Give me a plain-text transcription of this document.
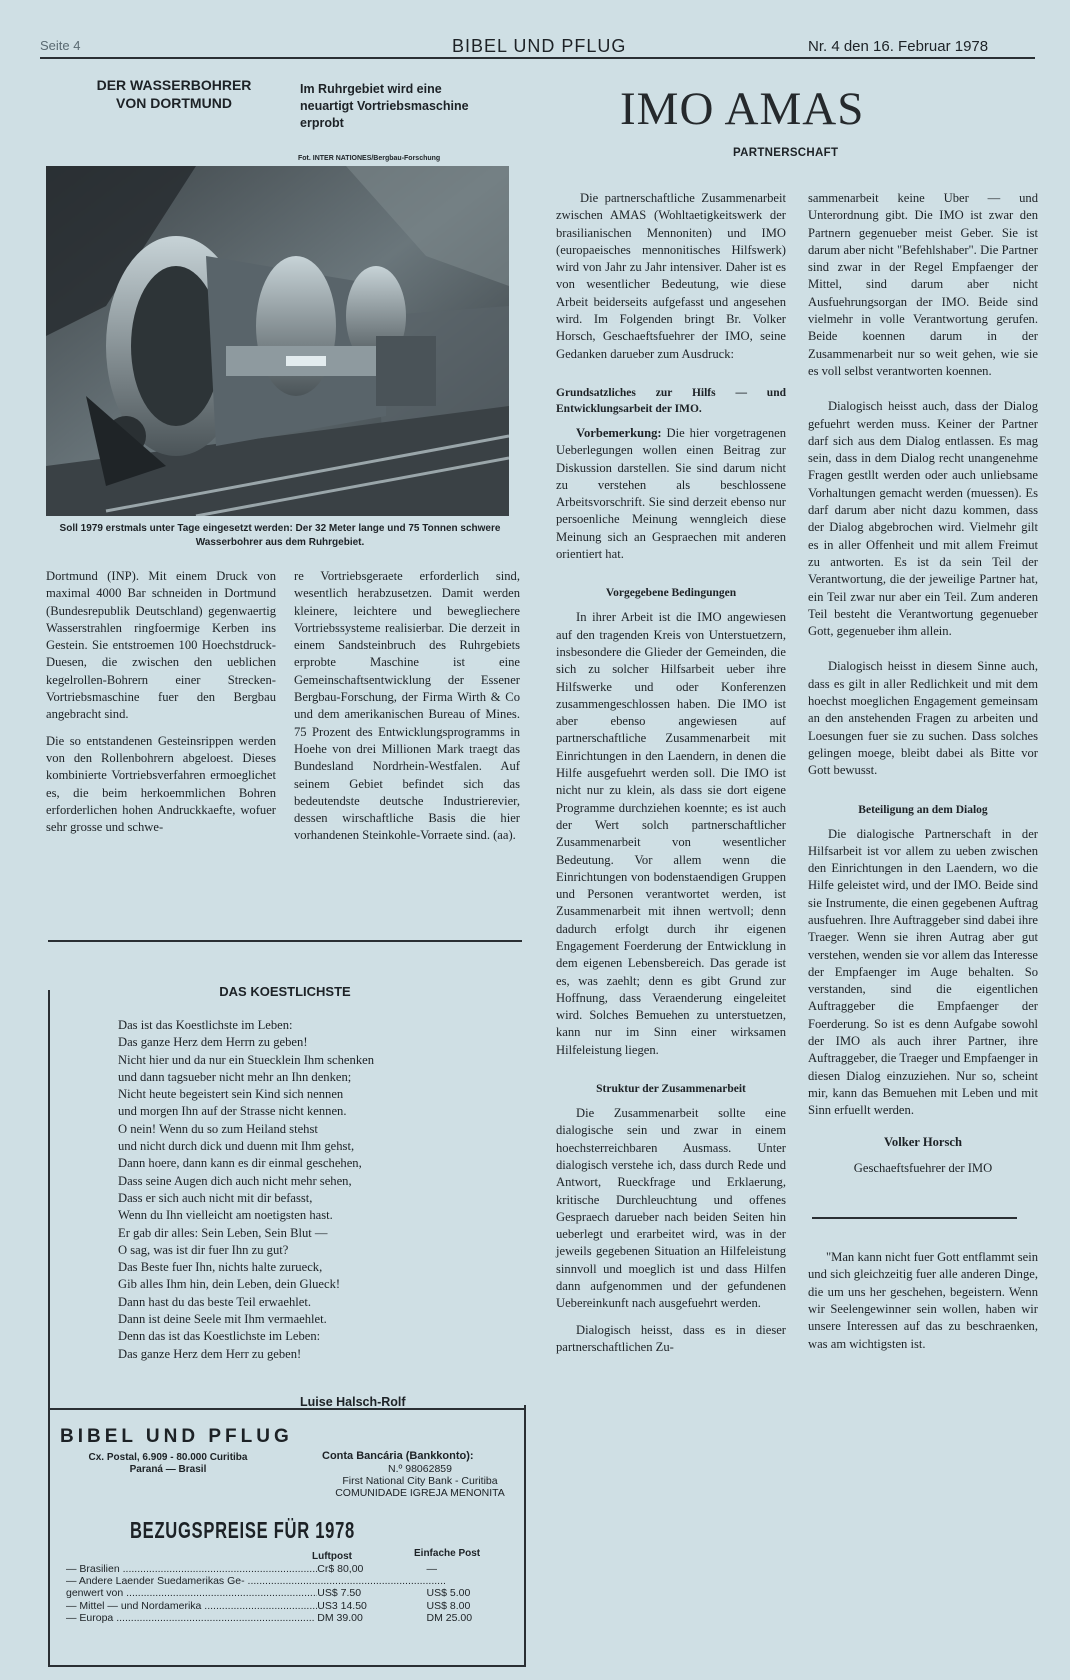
Seite 4	BIBEL UND PFLUG	Nr. 4 den 16. Februar 1978
DER WASSERBOHRER VON DORTMUND
Im Ruhrgebiet wird eine neuartigt Vortriebsmaschine erprobt
Fot. INTER NATIONES/Bergbau-Forschung
Soll 1979 erstmals unter Tage eingesetzt werden: Der 32 Meter lange und 75 Tonnen schwere Wasserbohrer aus dem Ruhrgebiet.

Dortmund (INP). Mit einem Druck von maximal 4000 Bar schneiden in Dortmund (Bundesrepublik Deutschland) gegenwaertig Wasserstrahlen ringfoermige Kerben ins Gestein. Sie entstroemen 100 Hoechstdruck-Duesen, die zwischen den ueblichen kegelrollen-Bohrern einer Strecken-Vortriebsmaschine fuer den Bergbau angebracht sind.

Die so entstandenen Gesteinsrippen werden von den Rollenbohrern abgeloest. Dieses kombinierte Vortriebsverfahren ermoeglichet es, die beim herkoemmlichen Bohren erforderlichen hohen Andruckkaefte, wofuer sehr grosse und schwe-

re Vortriebsgeraete erforderlich sind, wesentlich herabzusetzen. Damit werden kleinere, leichtere und bewegliechere Vortriebssysteme realisierbar. Die derzeit in einem Sandsteinbruch des Ruhrgebiets erprobte Maschine ist eine Gemeinschaftsentwicklung der Essener Bergbau-Forschung, der Firma Wirth & Co und dem amerikanischen Bureau of Mines. 75 Prozent des Entwicklungsprogramms in Hoehe von drei Millionen Mark traegt das Bundesland Nordrhein-Westfalen. Auf seinem Gebiet befindet sich das bedeutendste deutsche Industrierevier, dessen wirschaftliche Basis die hier vorhandenen Steinkohle-Vorraete sind. (aa).

DAS KOESTLICHSTE
Das ist das Koestlichste im Leben:
Das ganze Herz dem Herrn zu geben!
Nicht hier und da nur ein Stuecklein Ihm schenken
und dann tagsueber nicht mehr an Ihn denken;
Nicht heute begeistert sein Kind sich nennen
und morgen Ihn auf der Strasse nicht kennen.
O nein! Wenn du so zum Heiland stehst
und nicht durch dick und duenn mit Ihm gehst,
Dann hoere, dann kann es dir einmal geschehen,
Dass seine Augen dich auch nicht mehr sehen,
Dass er sich auch nicht mit dir befasst,
Wenn du Ihn vielleicht am noetigsten hast.
Er gab dir alles: Sein Leben, Sein Blut —
O sag, was ist dir fuer Ihn zu gut?
Das Beste fuer Ihn, nichts halte zurueck,
Gib alles Ihm hin, dein Leben, dein Glueck!
Dann hast du das beste Teil erwaehlet.
Dann ist deine Seele mit Ihm vermaehlet.
Denn das ist das Koestlichste im Leben:
Das ganze Herz dem Herr zu geben!
Luise Halsch-Rolf
BIBEL UND PFLUG
Cx. Postal, 6.909 - 80.000 Curitiba
Paraná — Brasil
Conta Bancária (Bankkonto):
N.º 98062859
First National City Bank - Curitiba
COMUNIDADE IGREJA MENONITA
BEZUGSPREISE FÜR 1978
Luftpost	Einfache Post
— Brasilien .....	Cr$ 80,00	—
— Andere Laender Suedamerikas Ge- .....
genwert von .....	US$ 7.50	US$ 5.00
— Mittel — und Nordamerika .....	US3 14.50	US$ 8.00
— Europa .....	DM 39.00	DM 25.00
IMO AMAS
PARTNERSCHAFT

Die partnerschaftliche Zusammenarbeit zwischen AMAS (Wohltaetigkeitswerk der brasilianischen Mennoniten) und IMO (europaeisches mennonitisches Hilfswerk) wird von Jahr zu Jahr intensiver. Daher ist es von wesentlicher Bedeutung, wie diese Arbeit beiderseits aufgefasst und angesehen wird. Im Folgenden bringt Br. Volker Horsch, Geschaeftsfuehrer der IMO, seine Gedanken darueber zum Ausdruck:

Grundsatzliches zur Hilfs — und Entwicklungsarbeit der IMO.

Vorbemerkung: Die hier vorgetragenen Ueberlegungen wollen einen Beitrag zur Diskussion darstellen. Sie sind darum nicht zu verstehen als beschlossene Arbeitsvorschrift. Sie sind derzeit ebenso nur persoenliche Meinung wenngleich diese Meinung sich an Gespraechen mit anderen orientiert hat.

Vorgegebene Bedingungen

In ihrer Arbeit ist die IMO angewiesen auf den tragenden Kreis von Unterstuetzern, insbesondere die Glieder der Gemeinden, die sich zu solcher Hilfsarbeit ueber ihre Hilfswerke und oder Konferenzen zusammengeschlossen haben. Die IMO ist aber ebenso angewiesen auf partnerschaftliche Zusammenarbeit mit Einrichtungen in den Laendern, in denen die Hilfe ausgefuehrt werden soll. Die IMO ist nicht nur zu klein, als dass sie dort eigene Programme durchziehen koennte; es ist auch der Wert solch partnerschaftlicher Zusammenarbeit von wesentlicher Bedeutung. Vor allem wenn die Einrichtungen von bodenstaendigen Gruppen und Personen verantwortet werden, ist Zusammenarbeit mit ihnen wertvoll; denn dadurch erfolgt durch ihr eigenen Engagement Foerderung der Entwicklung in dem eigenen Lebensbereich. Das gerade ist es, was zaehlt; denn es gibt Grund zur Hoffnung, dass Veraenderung eingeleitet wird. Solches Bemuehen zu unterstuetzen, kann nur im Sinn einer wirksamen Hilfeleistung liegen.

Struktur der Zusammenarbeit

Die Zusammenarbeit sollte eine dialogische sein und zwar in einem hoechsterreichbaren Ausmass. Unter dialogisch verstehe ich, dass durch Rede und Antwort, Rueckfrage und Erklaerung, kritische Durchleuchtung und offenes Gespraech darueber nach beiden Seiten hin ueberlegt und erarbeitet wird, was in der jeweils gegebenen Situation an Hilfeleistung sinnvoll und moeglich ist und dass Hilfen dann aufgenommen und der gefundenen Uebereinkunft nach ausgefuehrt werden.

Dialogisch heisst, dass es in dieser partnerschaftlichen Zu-

sammenarbeit keine Uber — und Unterordnung gibt. Die IMO ist zwar den Partnern gegenueber meist Geber. Sie ist darum aber nicht "Befehlshaber". Die Partner sind zwar in der Regel Empfaenger der Mittel, sind darum aber nicht Ausfuehrungsorgan der IMO. Beide sind vielmehr in volle Verantwortung gerufen. Beide koennen darum in der Zusammenarbeit nur so weit gehen, wie sie es voll selbst verantworten koennen.

Dialogisch heisst auch, dass der Dialog gefuehrt werden muss. Keiner der Partner darf sich aus dem Dialog entlassen. Es mag sein, dass in dem Dialog recht unangenehme Fragen gestllt werden oder auch unliebsame Vorhaltungen gemacht werden (muessen). Es darf darum aber nicht dazu kommen, dass der Dialog abgebrochen wird. Vielmehr gilt es in aller Offenheit und mit allem Freimut zu antworten. Es ist da sein Teil der Verantwortung, die der jeweilige Partner hat, ein Teil zwar nur aber ein Teil. Zum anderen Teil besteht die Verantwortung gegenueber Gott, gegenueber ihm allein.

Dialogisch heisst in diesem Sinne auch, dass es gilt in aller Redlichkeit und mit dem hoechst moeglichen Engagement gemeinsam an den anstehenden Fragen zu arbeiten und Loesungen fuer sie zu suchen. Dass solches gelingen moege, bleibt dabei als Bitte vor Gott bewusst.

Beteiligung an dem Dialog

Die dialogische Partnerschaft in der Hilfsarbeit ist vor allem zu ueben zwischen den Einrichtungen in den Laendern, wo die Hilfe geleistet wird, und der IMO. Beide sind sie Instrumente, die einen gegebenen Auftrag ausfuehren. Ihre Auftraggeber sind dabei ihre Traeger. Wenn sie ihren Autrag aber gut verstehen, wenden sie vor allem das Interesse der Empfaenger im Auge behalten. So verstanden, sind die eigentlichen Auftraggeber die Empfaenger der Foerderung. So ist es denn Aufgabe sowohl der IMO als auch ihrer Partner, ihre Auftraggeber, die Traeger und Empfaenger in diesen Dialog einzuziehen. Nur so, scheint mir, kann das Bemuehen mit Leben und mit Sinn erfuellt werden.

Volker Horsch

Geschaeftsfuehrer der IMO

"Man kann nicht fuer Gott entflammt sein und sich gleichzeitig fuer alle anderen Dinge, die um uns her geschehen, begeistern. Wenn wir Seelengewinner sein wollen, haben wir unsere Interessen auf das zu beschraenken, was am wichtigsten ist.
